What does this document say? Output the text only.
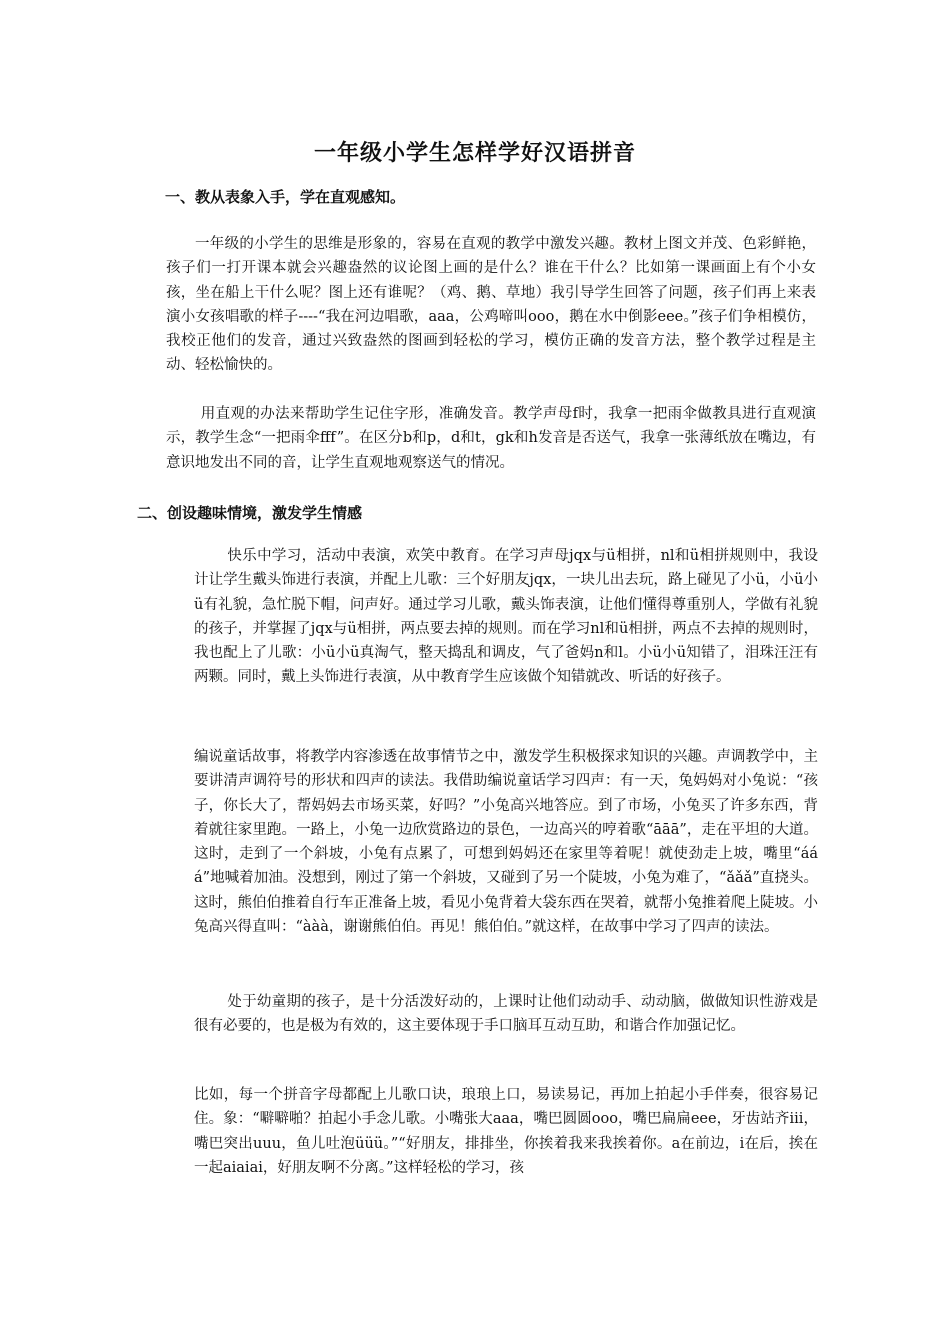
一年级小学生怎样学好汉语拼音
一、教从表象入手，学在直观感知。

一年级的小学生的思维是形象的，容易在直观的教学中激发兴趣。教材上图文并茂、色彩鲜艳，孩子们一打开课本就会兴趣盎然的议论图上画的是什么？谁在干什么？比如第一课画面上有个小女孩，坐在船上干什么呢？图上还有谁呢？（鸡、鹅、草地）我引导学生回答了问题，孩子们再上来表演小女孩唱歌的样子----“我在河边唱歌，aaa，公鸡啼叫ooo，鹅在水中倒影eee。”孩子们争相模仿，我校正他们的发音，通过兴致盎然的图画到轻松的学习，模仿正确的发音方法，整个教学过程是主动、轻松愉快的。

用直观的办法来帮助学生记住字形，准确发音。教学声母f时，我拿一把雨伞做教具进行直观演示，教学生念“一把雨伞fff”。在区分b和p，d和t，gk和h发音是否送气，我拿一张薄纸放在嘴边，有意识地发出不同的音，让学生直观地观察送气的情况。

二、创设趣味情境，激发学生情感

快乐中学习，活动中表演，欢笑中教育。在学习声母jqx与ü相拼，nl和ü相拼规则中，我设计让学生戴头饰进行表演，并配上儿歌：三个好朋友jqx，一块儿出去玩，路上碰见了小ü，小ü小ü有礼貌，急忙脱下帽，问声好。通过学习儿歌，戴头饰表演，让他们懂得尊重别人，学做有礼貌的孩子，并掌握了jqx与ü相拼，两点要去掉的规则。而在学习nl和ü相拼，两点不去掉的规则时，我也配上了儿歌：小ü小ü真淘气，整天捣乱和调皮，气了爸妈n和l。小ü小ü知错了，泪珠汪汪有两颗。同时，戴上头饰进行表演，从中教育学生应该做个知错就改、听话的好孩子。

编说童话故事，将教学内容渗透在故事情节之中，激发学生积极探求知识的兴趣。声调教学中，主要讲清声调符号的形状和四声的读法。我借助编说童话学习四声：有一天，兔妈妈对小兔说：“孩子，你长大了，帮妈妈去市场买菜，好吗？”小兔高兴地答应。到了市场，小兔买了许多东西，背着就往家里跑。一路上，小兔一边欣赏路边的景色，一边高兴的哼着歌“āāā”，走在平坦的大道。这时，走到了一个斜坡，小兔有点累了，可想到妈妈还在家里等着呢！就使劲走上坡，嘴里“ááá”地喊着加油。没想到，刚过了第一个斜坡，又碰到了另一个陡坡，小兔为难了，“ǎǎǎ”直挠头。这时，熊伯伯推着自行车正准备上坡，看见小兔背着大袋东西在哭着，就帮小兔推着爬上陡坡。小兔高兴得直叫：“ààà，谢谢熊伯伯。再见！熊伯伯。”就这样，在故事中学习了四声的读法。

处于幼童期的孩子，是十分活泼好动的，上课时让他们动动手、动动脑，做做知识性游戏是很有必要的，也是极为有效的，这主要体现于手口脑耳互动互助，和谐合作加强记忆。

比如，每一个拼音字母都配上儿歌口诀，琅琅上口，易读易记，再加上拍起小手伴奏，很容易记住。象：“噼噼啪？拍起小手念儿歌。小嘴张大aaa，嘴巴圆圆ooo，嘴巴扁扁eee，牙齿站齐iii，嘴巴突出uuu，鱼儿吐泡üüü。”“好朋友，排排坐，你挨着我来我挨着你。a在前边，i在后，挨在一起aiaiai，好朋友啊不分离。”这样轻松的学习，孩
